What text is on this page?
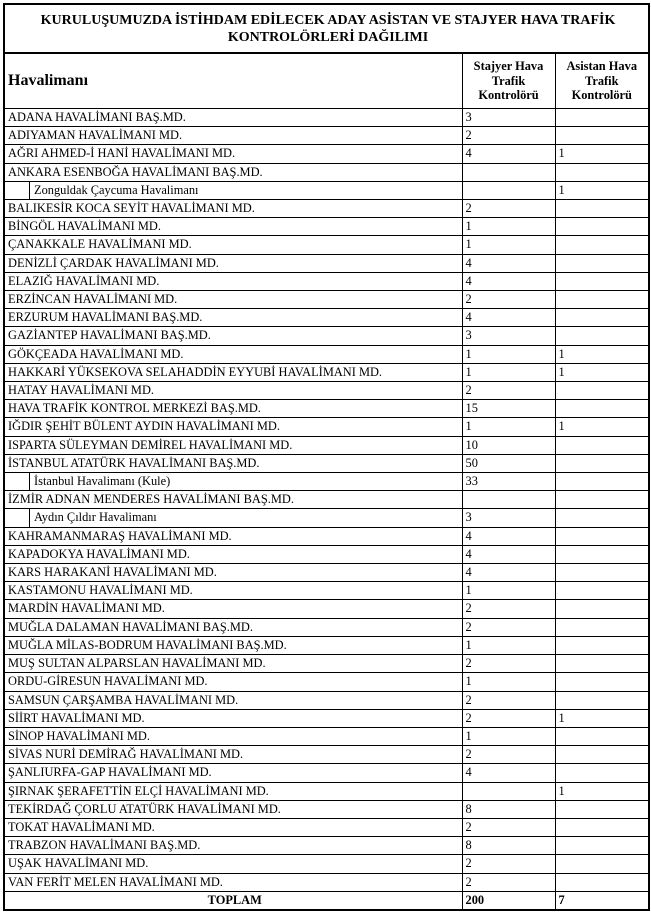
KURULUŞUMUZDA İSTİHDAM EDİLECEK ADAY ASİSTAN VE STAJYER HAVA TRAFİK KONTROLÖRLERİ DAĞILIMI		
Havalimanı	Stajyer Hava Trafik Kontrolörü	Asistan Hava Trafik Kontrolörü
ADANA HAVALİMANI BAŞ.MD.	3	
ADIYAMAN HAVALİMANI MD.	2	
AĞRI AHMED-İ HANİ HAVALİMANI MD.	4	1
ANKARA ESENBOĞA HAVALİMANI BAŞ.MD.		
Zonguldak Çaycuma Havalimanı		1
BALIKESİR KOCA SEYİT HAVALİMANI MD.	2	
BİNGÖL HAVALİMANI MD.	1	
ÇANAKKALE HAVALİMANI MD.	1	
DENİZLİ ÇARDAK HAVALİMANI MD.	4	
ELAZIĞ HAVALİMANI MD.	4	
ERZİNCAN HAVALİMANI MD.	2	
ERZURUM HAVALİMANI BAŞ.MD.	4	
GAZİANTEP HAVALİMANI BAŞ.MD.	3	
GÖKÇEADA HAVALİMANI MD.	1	1
HAKKARİ YÜKSEKOVA SELAHADDİN EYYUBİ HAVALİMANI MD.	1	1
HATAY HAVALİMANI MD.	2	
HAVA TRAFİK KONTROL MERKEZİ BAŞ.MD.	15	
IĞDIR ŞEHİT BÜLENT AYDIN HAVALİMANI MD.	1	1
ISPARTA SÜLEYMAN DEMİREL HAVALİMANI MD.	10	
İSTANBUL ATATÜRK HAVALİMANI BAŞ.MD.	50	
İstanbul Havalimanı (Kule)	33	
İZMİR ADNAN MENDERES HAVALİMANI BAŞ.MD.		
Aydın Çıldır Havalimanı	3	
KAHRAMANMARAŞ HAVALİMANI MD.	4	
KAPADOKYA HAVALİMANI MD.	4	
KARS HARAKANİ HAVALİMANI MD.	4	
KASTAMONU HAVALİMANI MD.	1	
MARDİN HAVALİMANI MD.	2	
MUĞLA DALAMAN HAVALİMANI BAŞ.MD.	2	
MUĞLA MİLAS-BODRUM HAVALİMANI BAŞ.MD.	1	
MUŞ SULTAN ALPARSLAN HAVALİMANI MD.	2	
ORDU-GİRESUN HAVALİMANI MD.	1	
SAMSUN ÇARŞAMBA HAVALİMANI MD.	2	
SİİRT HAVALİMANI MD.	2	1
SİNOP HAVALİMANI MD.	1	
SİVAS NURİ DEMİRAĞ HAVALİMANI MD.	2	
ŞANLIURFA-GAP HAVALİMANI MD.	4	
ŞIRNAK ŞERAFETTİN ELÇİ HAVALİMANI MD.		1
TEKİRDAĞ ÇORLU ATATÜRK HAVALİMANI MD.	8	
TOKAT HAVALİMANI MD.	2	
TRABZON HAVALİMANI BAŞ.MD.	8	
UŞAK HAVALİMANI MD.	2	
VAN FERİT MELEN HAVALİMANI MD.	2	
TOPLAM	200	7
